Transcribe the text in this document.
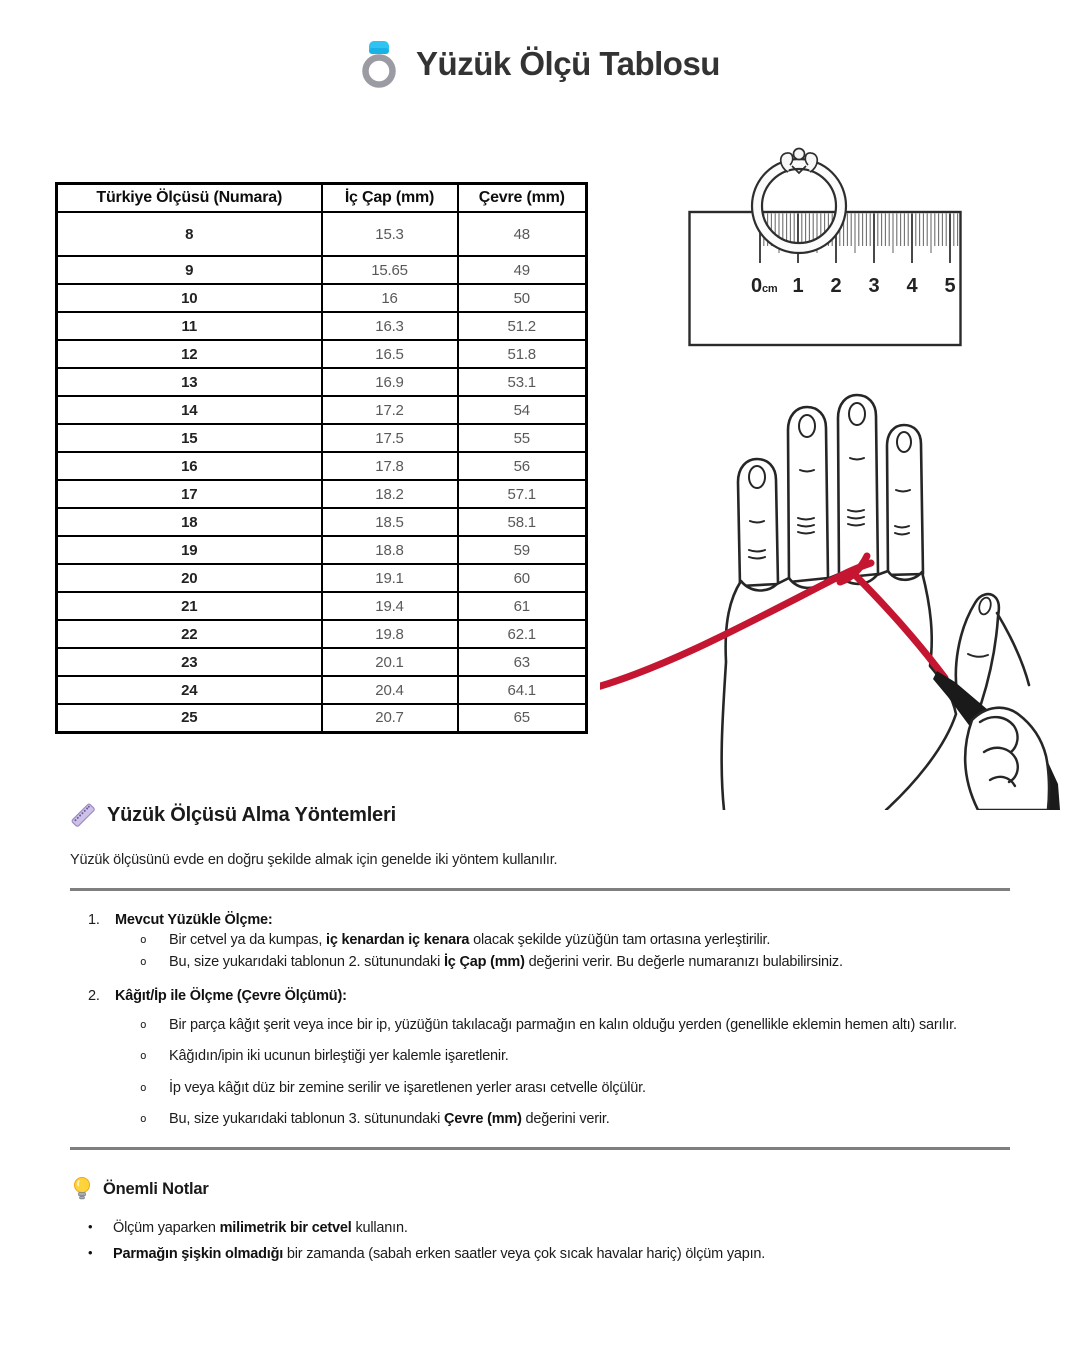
Yüzük Ölçü Tablosu
Türkiye Ölçüsü (Numara)	İç Çap (mm)	Çevre (mm)
8	15.3	48
9	15.65	49
10	16	50
11	16.3	51.2
12	16.5	51.8
13	16.9	53.1
14	17.2	54
15	17.5	55
16	17.8	56
17	18.2	57.1
18	18.5	58.1
19	18.8	59
20	19.1	60
21	19.4	61
22	19.8	62.1
23	20.1	63
24	20.4	64.1
25	20.7	65
0cm 1 2 3 4 5
Yüzük Ölçüsü Alma Yöntemleri

Yüzük ölçüsünü evde en doğru şekilde almak için genelde iki yöntem kullanılır.

1.	Mevcut Yüzükle Ölçme:
o	Bir cetvel ya da kumpas, iç kenardan iç kenara olacak şekilde yüzüğün tam ortasına yerleştirilir.
o	Bu, size yukarıdaki tablonun 2. sütunundaki İç Çap (mm) değerini verir. Bu değerle numaranızı bulabilirsiniz.
2.	Kâğıt/İp ile Ölçme (Çevre Ölçümü):
o	Bir parça kâğıt şerit veya ince bir ip, yüzüğün takılacağı parmağın en kalın olduğu yerden (genellikle eklemin hemen altı) sarılır.
o	Kâğıdın/ipin iki ucunun birleştiği yer kalemle işaretlenir.
o	İp veya kâğıt düz bir zemine serilir ve işaretlenen yerler arası cetvelle ölçülür.
o	Bu, size yukarıdaki tablonun 3. sütunundaki Çevre (mm) değerini verir.
Önemli Notlar
•	Ölçüm yaparken milimetrik bir cetvel kullanın.
•	Parmağın şişkin olmadığı bir zamanda (sabah erken saatler veya çok sıcak havalar hariç) ölçüm yapın.
